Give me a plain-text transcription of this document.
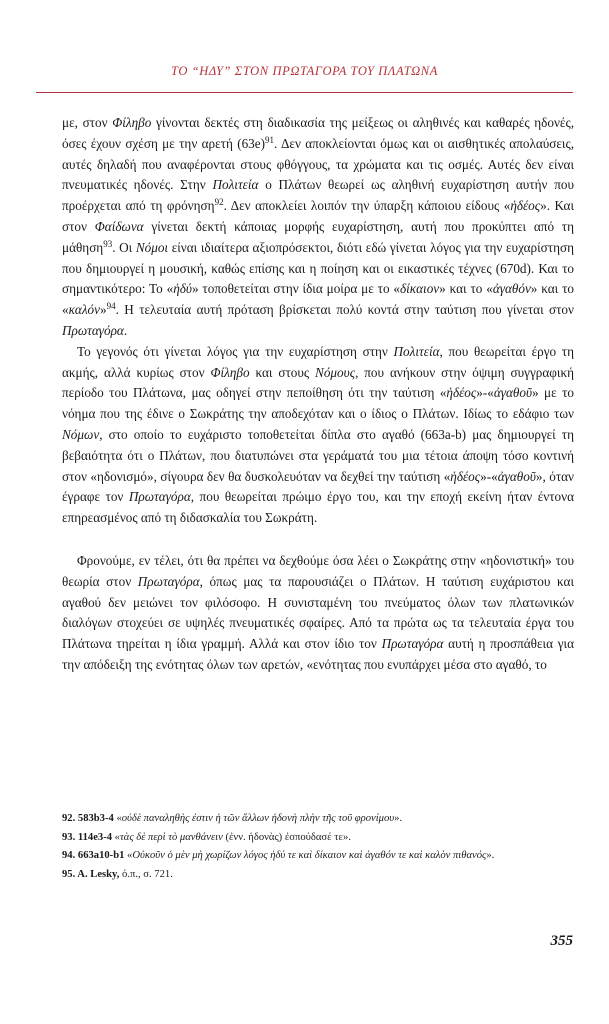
ΤΟ “ΗΔΥ” ΣΤΟΝ ΠΡΩΤΑΓΟΡΑ ΤΟΥ ΠΛΑΤΩΝΑ

με, στον Φίληβο γίνονται δεκτές στη διαδικασία της μείξεως οι αληθινές και καθαρές ηδονές, όσες έχουν σχέση με την αρετή $(63e)^{91}$. Δεν αποκλείονται όμως και οι αισθητικές απολαύσεις, αυτές δηλαδή που αναφέρονται στους φθόγγους, τα χρώματα και τις οσμές. Αυτές δεν είναι πνευματικές ηδονές. Στην Πολιτεία ο Πλάτων θεωρεί ως αληθινή ευχαρίστηση αυτήν που προέρχεται από τη φρόνηση$^{92}$. Δεν αποκλείει λοιπόν την ύπαρξη κάποιου είδους «ἡδέος». Και στον Φαίδωνα γίνεται δεκτή κάποιας μορφής ευχαρίστηση, αυτή που προκύπτει από τη μάθηση$^{93}$. Οι Νόμοι είναι ιδιαίτερα αξιοπρόσεκτοι, διότι εδώ γίνεται λόγος για την ευχαρίστηση που δημιουργεί η μουσική, καθώς επίσης και η ποίηση και οι εικαστικές τέχνες (670d). Και το σημαντικότερο: Το «ἡδύ» τοποθετείται στην ίδια μοίρα με το «δίκαιον» και το «ἀγαθόν» και το «καλόν»$^{94}$. Η τελευταία αυτή πρόταση βρίσκεται πολύ κοντά στην ταύτιση που γίνεται στον Πρωταγόρα.

Το γεγονός ότι γίνεται λόγος για την ευχαρίστηση στην Πολιτεία, που θεωρείται έργο τη ακμής, αλλά κυρίως στον Φίληβο και στους Νόμους, που ανήκουν στην όψιμη συγγραφική περίοδο του Πλάτωνα, μας οδηγεί στην πεποίθηση ότι την ταύτιση «ἡδέος»-«ἀγαθοῦ» με το νόημα που της έδινε ο Σωκράτης την αποδεχόταν και ο ίδιος ο Πλάτων. Ιδίως το εδάφιο των Νόμων, στο οποίο το ευχάριστο τοποθετείται δίπλα στο αγαθό (663a-b) μας δημιουργεί τη βεβαιότητα ότι ο Πλάτων, που διατυπώνει στα γεράματά του μια τέτοια άποψη τόσο κοντινή στον «ηδονισμό», σίγουρα δεν θα δυσκολευόταν να δεχθεί την ταύτιση «ἡδέος»-«ἀγαθοῦ», όταν έγραφε τον Πρωταγόρα, που θεωρείται πρώιμο έργο του, και την εποχή εκείνη ήταν έντονα επηρεασμένος από τη διδασκαλία του Σωκράτη.

Φρονούμε, εν τέλει, ότι θα πρέπει να δεχθούμε όσα λέει ο Σωκράτης στην «ηδονιστική» του θεωρία στον Πρωταγόρα, όπως μας τα παρουσιάζει ο Πλάτων. Η ταύτιση ευχάριστου και αγαθού δεν μειώνει τον φιλόσοφο. Η συνισταμένη του πνεύματος όλων των πλατωνικών διαλόγων στοχεύει σε υψηλές πνευματικές σφαίρες. Από τα πρώτα ως τα τελευταία έργα του Πλάτωνα τηρείται η ίδια γραμμή. Αλλά και στον ίδιο τον Πρωταγόρα αυτή η προσπάθεια για την απόδειξη της ενότητας όλων των αρετών, «ενότητας που ενυπάρχει μέσα στο αγαθό, το

92. 583b3-4 «οὐδὲ παναληθὴς ἐστιν ἡ τῶν ἄλλων ἡδονὴ πλὴν τῆς τοῦ φρονίμου».
93. 114e3-4 «τὰς δὲ περὶ τὸ μανθάνειν (ἐνν. ἡδονὰς) ἐσπούδασέ τε».
94. 663a10-b1 «Οὐκοῦν ὁ μὲν μὴ χωρίζων λόγος ἡδύ τε καὶ δίκαιον καὶ ἀγαθόν τε καὶ καλὸν πιθανός».
95. A. Lesky, ό.π., σ. 721.
355
